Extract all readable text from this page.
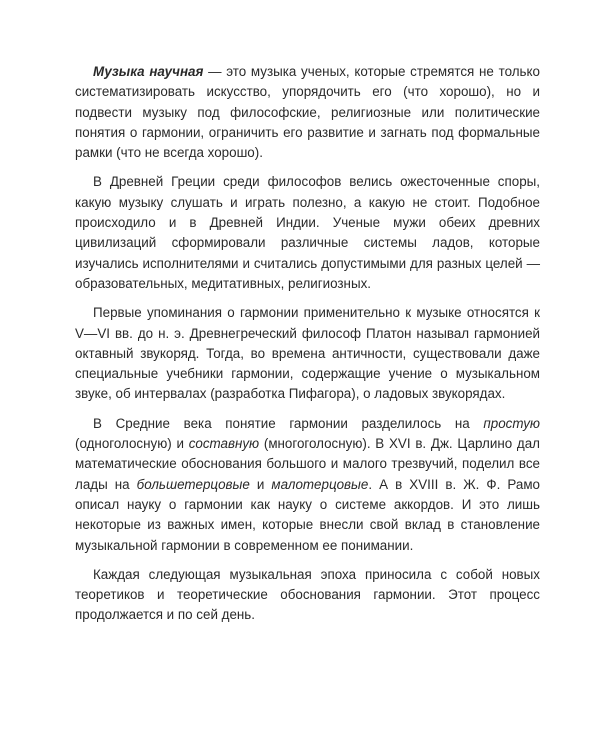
Музыка научная — это музыка ученых, которые стремятся не только систематизировать искусство, упорядочить его (что хорошо), но и подвести музыку под философские, религиозные или политические понятия о гармонии, ограничить его развитие и загнать под формальные рамки (что не всегда хорошо).

В Древней Греции среди философов велись ожесточенные споры, какую музыку слушать и играть полезно, а какую не стоит. Подобное происходило и в Древней Индии. Ученые мужи обеих древних цивилизаций сформировали различные системы ладов, которые изучались исполнителями и считались допустимыми для разных целей — образовательных, медитативных, религиозных.

Первые упоминания о гармонии применительно к музыке относятся к V—VI вв. до н. э. Древнегреческий философ Платон называл гармонией октавный звукоряд. Тогда, во времена античности, существовали даже специальные учебники гармонии, содержащие учение о музыкальном звуке, об интервалах (разработка Пифагора), о ладовых звукорядах.

В Средние века понятие гармонии разделилось на простую (одноголосную) и составную (многоголосную). В XVI в. Дж. Царлино дал математические обоснования большого и малого трезвучий, поделил все лады на большетерцовые и малотерцовые. А в XVIII в. Ж. Ф. Рамо описал науку о гармонии как науку о системе аккордов. И это лишь некоторые из важных имен, которые внесли свой вклад в становление музыкальной гармонии в современном ее понимании.

Каждая следующая музыкальная эпоха приносила с собой новых теоретиков и теоретические обоснования гармонии. Этот процесс продолжается и по сей день.
